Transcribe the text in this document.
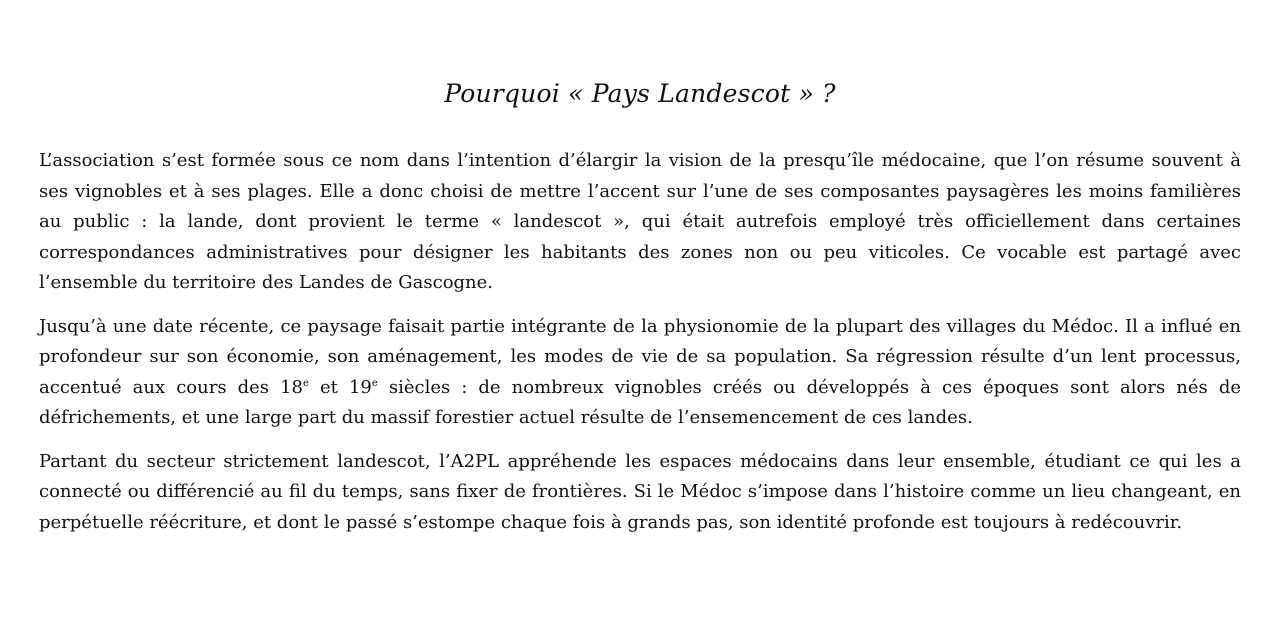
Pourquoi « Pays Landescot » ?

L’association s’est formée sous ce nom dans l’intention d’élargir la vision de la presqu’île médocaine, que l’on résume souvent à ses vignobles et à ses plages. Elle a donc choisi de mettre l’accent sur l’une de ses composantes paysagères les moins familières au public : la lande, dont provient le terme « landescot », qui était autrefois employé très officiellement dans certaines correspondances administratives pour désigner les habitants des zones non ou peu viticoles. Ce vocable est partagé avec l’ensemble du territoire des Landes de Gascogne.

Jusqu’à une date récente, ce paysage faisait partie intégrante de la physionomie de la plupart des villages du Médoc. Il a influé en profondeur sur son économie, son aménagement, les modes de vie de sa population. Sa régression résulte d’un lent processus, accentué aux cours des 18e et 19e siècles : de nombreux vignobles créés ou développés à ces époques sont alors nés de défrichements, et une large part du massif forestier actuel résulte de l’ensemencement de ces landes.

Partant du secteur strictement landescot, l’A2PL appréhende les espaces médocains dans leur ensemble, étudiant ce qui les a connecté ou différencié au fil du temps, sans fixer de frontières. Si le Médoc s’impose dans l’histoire comme un lieu changeant, en perpétuelle réécriture, et dont le passé s’estompe chaque fois à grands pas, son identité profonde est toujours à redécouvrir.
